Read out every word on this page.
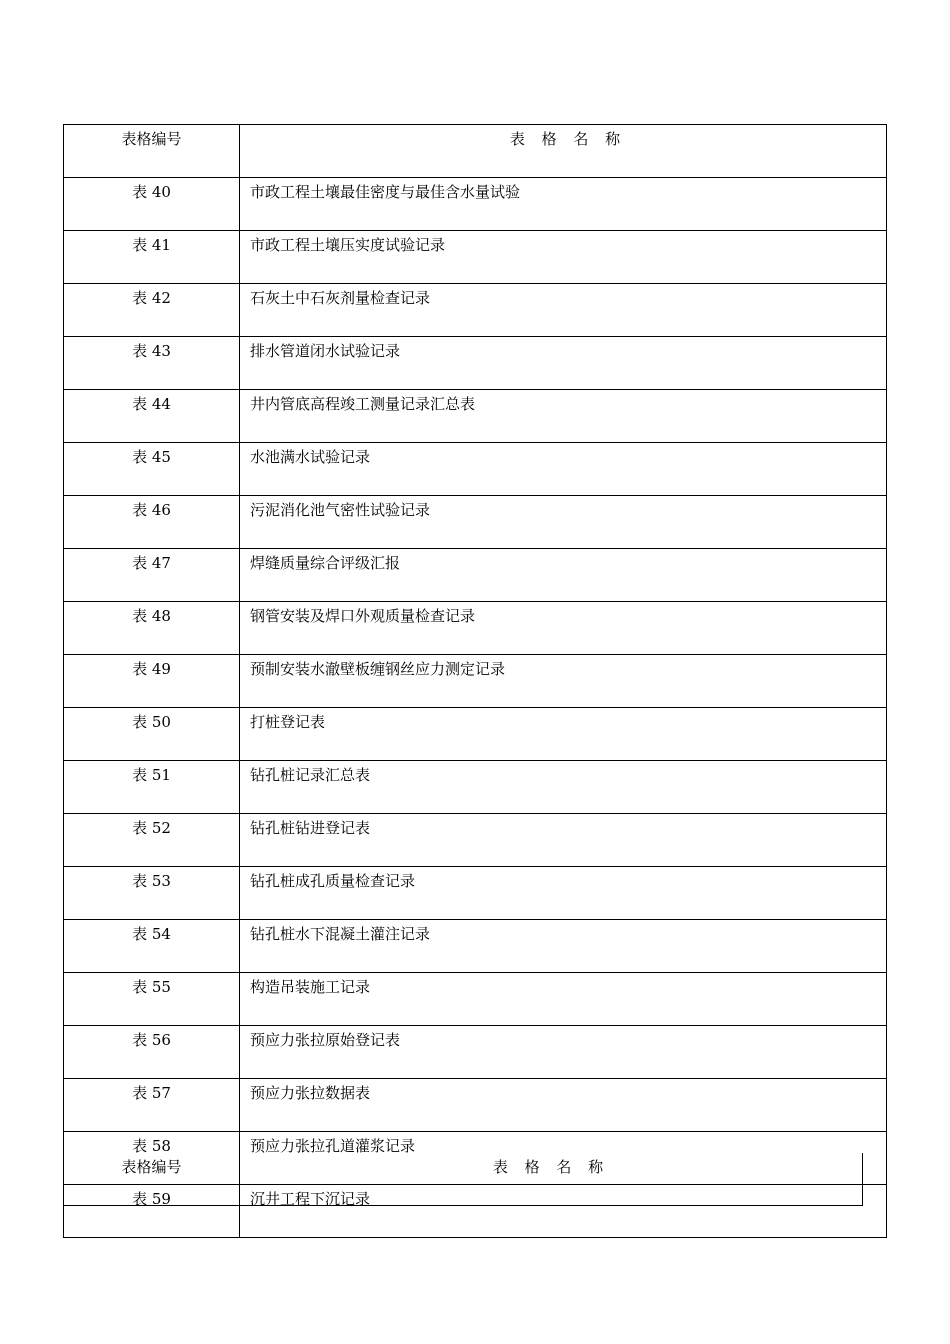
表格编号	表 格 名 称
表 40	市政工程土壤最佳密度与最佳含水量试验
表 41	市政工程土壤压实度试验记录
表 42	石灰土中石灰剂量检查记录
表 43	排水管道闭水试验记录
表 44	井内管底高程竣工测量记录汇总表
表 45	水池满水试验记录
表 46	污泥消化池气密性试验记录
表 47	焊缝质量综合评级汇报
表 48	钢管安装及焊口外观质量检查记录
表 49	预制安装水澈壁板缠钢丝应力测定记录
表 50	打桩登记表
表 51	钻孔桩记录汇总表
表 52	钻孔桩钻进登记表
表 53	钻孔桩成孔质量检查记录
表 54	钻孔桩水下混凝土灌注记录
表 55	构造吊装施工记录
表 56	预应力张拉原始登记表
表 57	预应力张拉数据表
表 58	预应力张拉孔道灌浆记录
表 59	沉井工程下沉记录
表格编号	表 格 名 称
